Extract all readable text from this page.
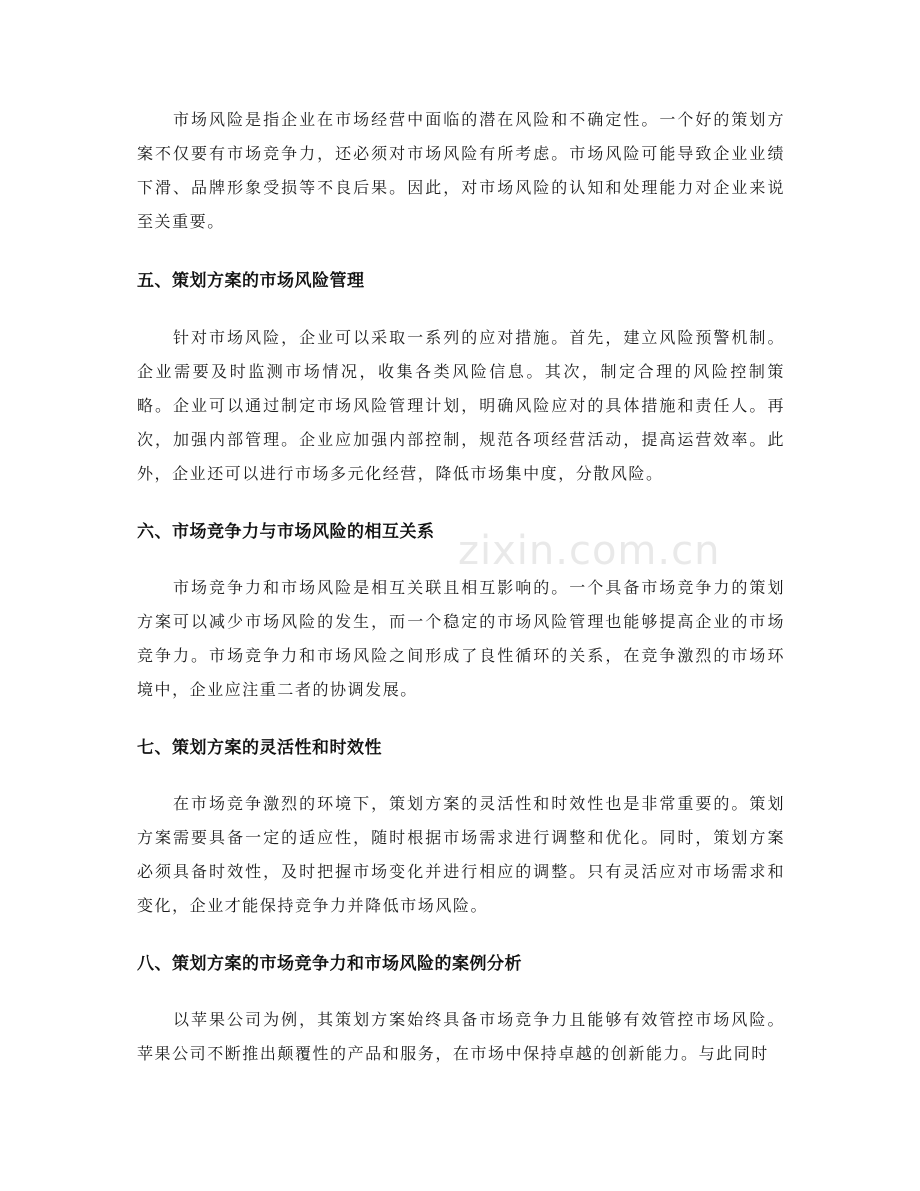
zixin.com.cn

市场风险是指企业在市场经营中面临的潜在风险和不确定性。一个好的策划方案不仅要有市场竞争力，还必须对市场风险有所考虑。市场风险可能导致企业业绩下滑、品牌形象受损等不良后果。因此，对市场风险的认知和处理能力对企业来说至关重要。

五、策划方案的市场风险管理

针对市场风险，企业可以采取一系列的应对措施。首先，建立风险预警机制。企业需要及时监测市场情况，收集各类风险信息。其次，制定合理的风险控制策略。企业可以通过制定市场风险管理计划，明确风险应对的具体措施和责任人。再次，加强内部管理。企业应加强内部控制，规范各项经营活动，提高运营效率。此外，企业还可以进行市场多元化经营，降低市场集中度，分散风险。

六、市场竞争力与市场风险的相互关系

市场竞争力和市场风险是相互关联且相互影响的。一个具备市场竞争力的策划方案可以减少市场风险的发生，而一个稳定的市场风险管理也能够提高企业的市场竞争力。市场竞争力和市场风险之间形成了良性循环的关系，在竞争激烈的市场环境中，企业应注重二者的协调发展。

七、策划方案的灵活性和时效性

在市场竞争激烈的环境下，策划方案的灵活性和时效性也是非常重要的。策划方案需要具备一定的适应性，随时根据市场需求进行调整和优化。同时，策划方案必须具备时效性，及时把握市场变化并进行相应的调整。只有灵活应对市场需求和变化，企业才能保持竞争力并降低市场风险。

八、策划方案的市场竞争力和市场风险的案例分析

以苹果公司为例，其策划方案始终具备市场竞争力且能够有效管控市场风险。苹果公司不断推出颠覆性的产品和服务，在市场中保持卓越的创新能力。与此同时
